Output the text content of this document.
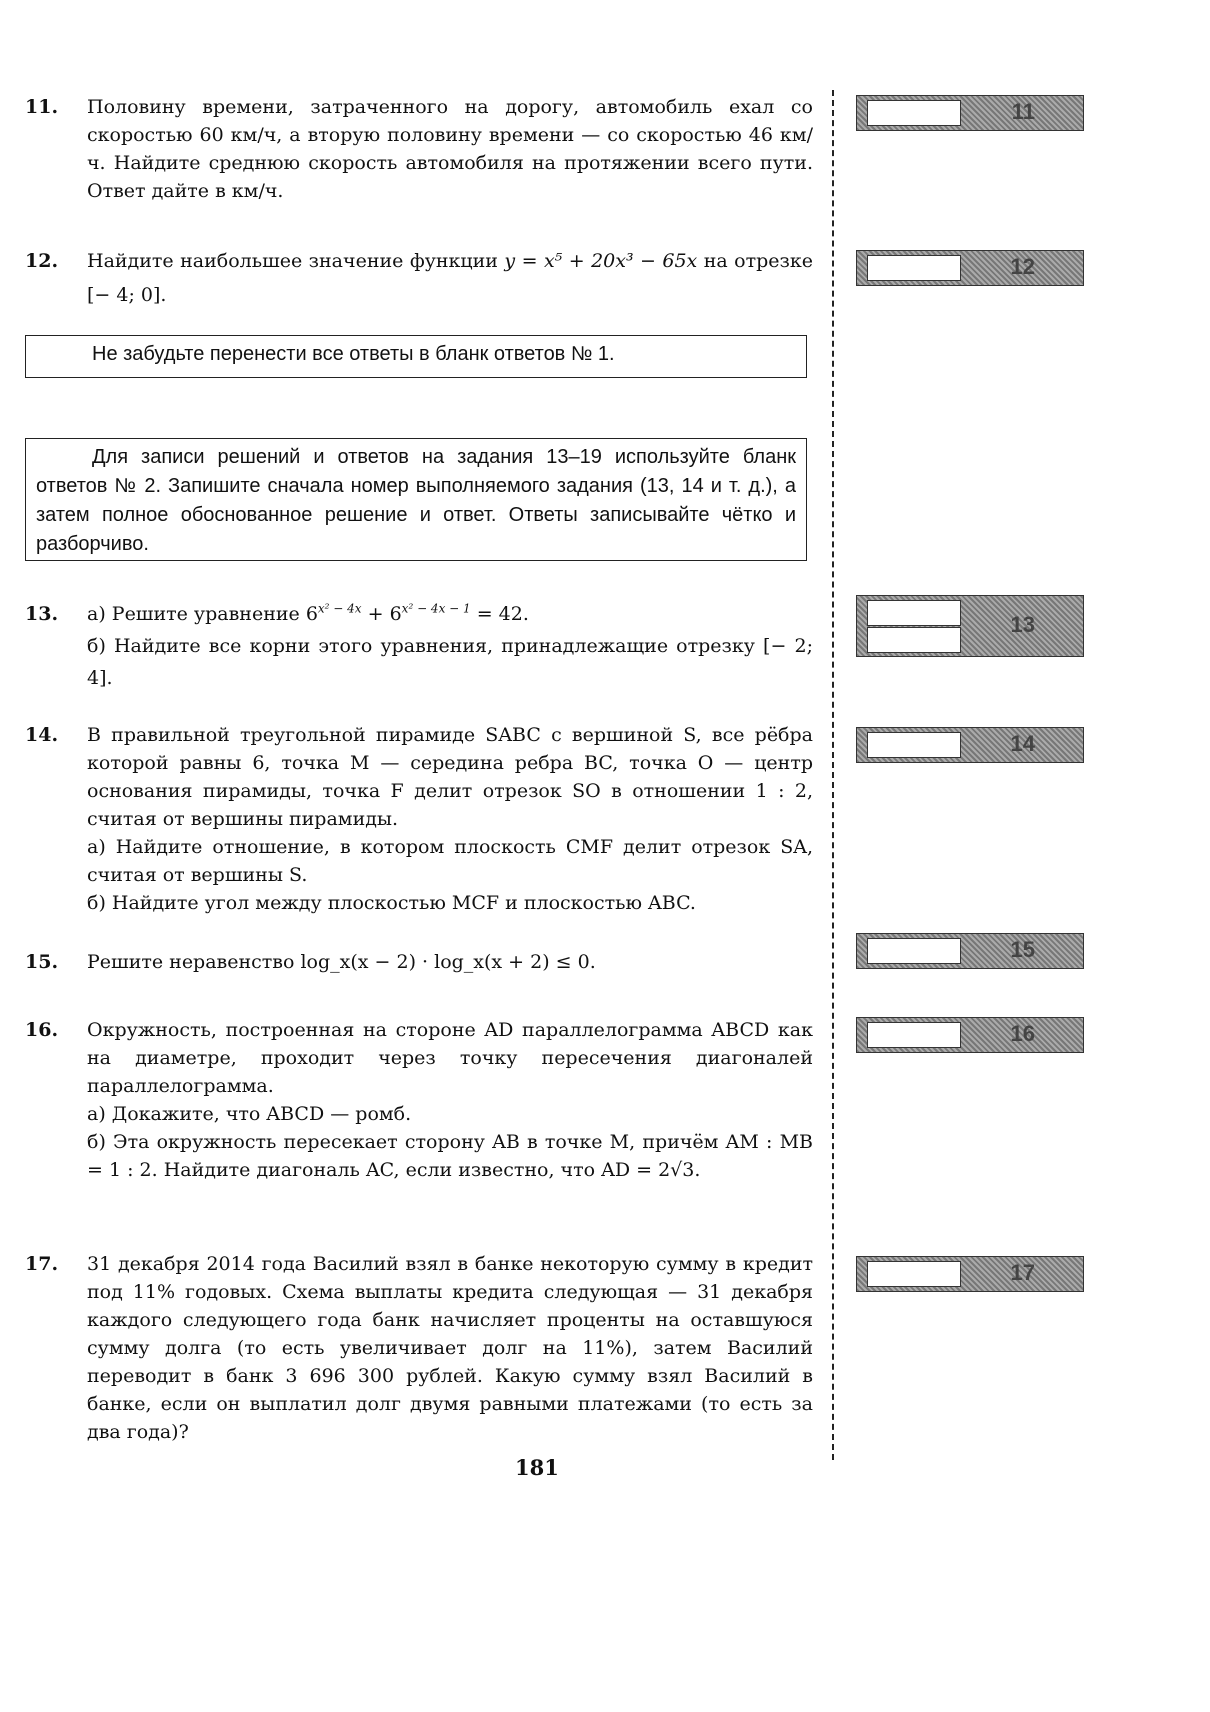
11. Половину времени, затраченного на дорогу, автомобиль ехал со скоростью 60 км/ч, а вторую половину времени — со скоростью 46 км/ч. Найдите среднюю скорость автомобиля на протяжении всего пути. Ответ дайте в км/ч.

12. Найдите наибольшее значение функции y = x⁵ + 20x³ − 65x на отрезке [− 4; 0].

Не забудьте перенести все ответы в бланк ответов № 1.
Для записи решений и ответов на задания 13–19 используйте бланк ответов № 2. Запишите сначала номер выполняемого задания (13, 14 и т. д.), а затем полное обоснованное решение и ответ. Ответы записывайте чётко и разборчиво.
13. а) Решите уравнение $6^{x^2 - 4x} + 6^{x^2 - 4x - 1} = 42$.

б) Найдите все корни этого уравнения, принадлежащие отрезку [− 2; 4].

14. В правильной треугольной пирамиде SABC с вершиной S, все рёбра которой равны 6, точка M — середина ребра BC, точка O — центр основания пирамиды, точка F делит отрезок SO в отношении 1 : 2, считая от вершины пирамиды.

а) Найдите отношение, в котором плоскость CMF делит отрезок SA, считая от вершины S.

б) Найдите угол между плоскостью MCF и плоскостью ABC.

15. Решите неравенство log_x(x − 2) · log_x(x + 2) ≤ 0.

16. Окружность, построенная на стороне AD параллелограмма ABCD как на диаметре, проходит через точку пересечения диагоналей параллелограмма.

а) Докажите, что ABCD — ромб.

б) Эта окружность пересекает сторону AB в точке M, причём AM : MB = 1 : 2. Найдите диагональ AC, если известно, что AD = 2√3.

17. 31 декабря 2014 года Василий взял в банке некоторую сумму в кредит под 11% годовых. Схема выплаты кредита следующая — 31 декабря каждого следующего года банк начисляет проценты на оставшуюся сумму долга (то есть увеличивает долг на 11%), затем Василий переводит в банк 3 696 300 рублей. Какую сумму взял Василий в банке, если он выплатил долг двумя равными платежами (то есть за два года)?

11
12
13
14
15
16
17
181
